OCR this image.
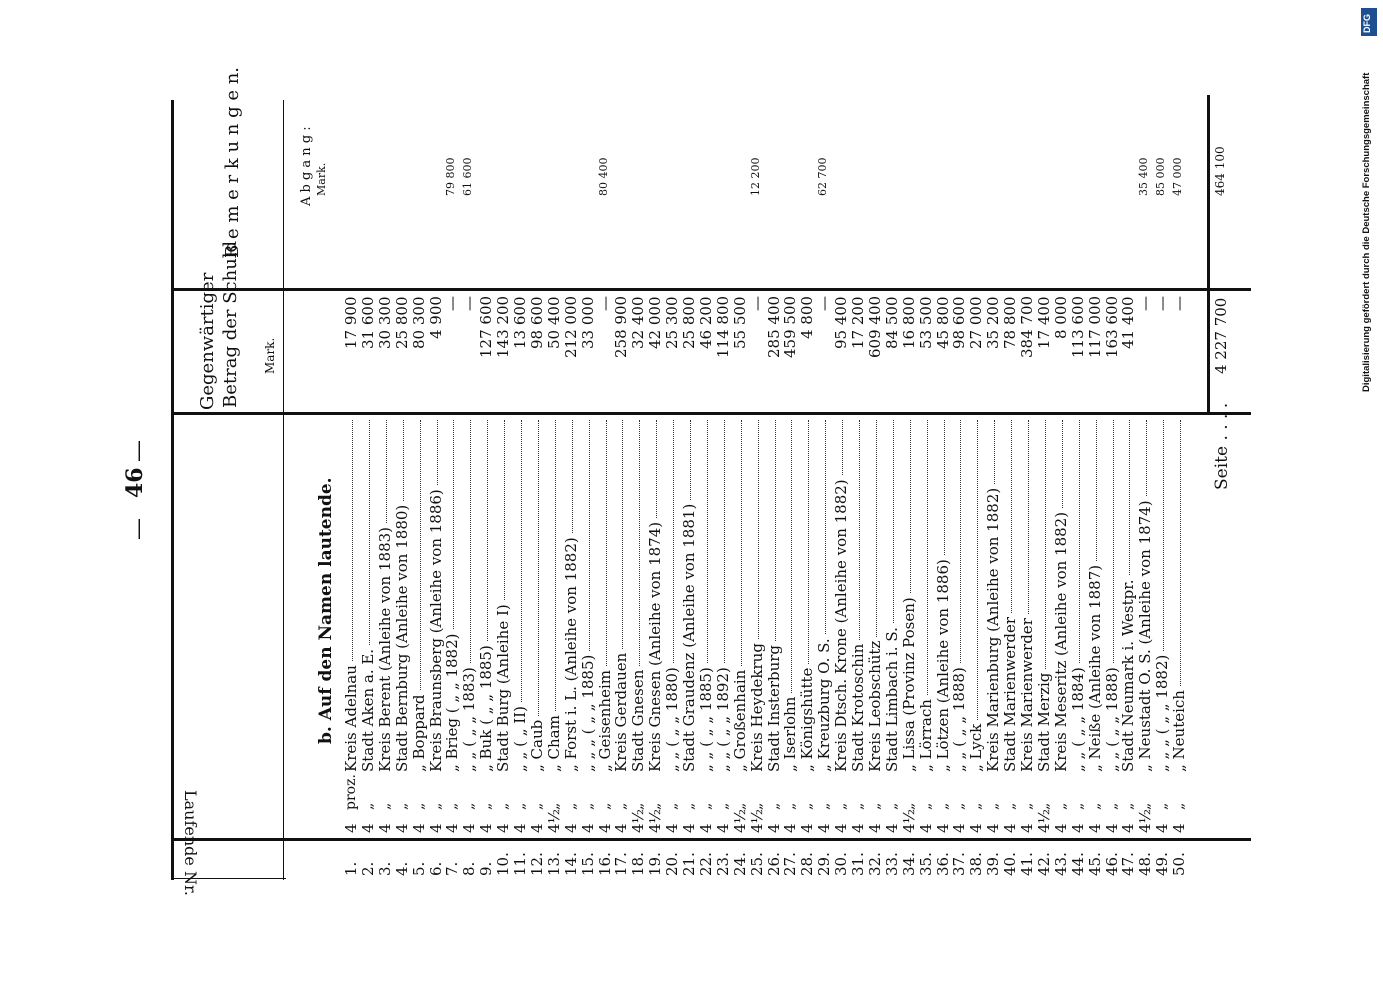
—
46
—
Laufende Nr.
Gegenwärtiger Betrag der Schuld Mark.
B e m e r k u n g e n.
b. Auf den Namen lautende.
A b g a n g : Mark.
1.
4
proz.
Kreis Adelnau
17 900
2.
4
„
Stadt Aken a. E.
31 600
3.
4
„
Kreis Berent (Anleihe von 1883)
30 300
4.
4
„
Stadt Bernburg (Anleihe von 1880)
25 800
5.
4
„
„ Boppard
80 300
6.
4
„
Kreis Braunsberg (Anleihe von 1886)
4 900
7.
4
„
„ Brieg ( „ „ 1882)
—
79 800
8.
4
„
„ „ ( „ „ 1883)
—
61 600
9.
4
„
„ Buk ( „ „ 1885)
127 600
10.
4
„
Stadt Burg (Anleihe I)
143 200
11.
4
„
„ „ ( „ II)
13 600
12.
4
„
„ Caub
98 600
13.
4½
„
„ Cham
50 400
14.
4
„
„ Forst i. L. (Anleihe von 1882)
212 000
15.
4
„
„ „ „ ( „ „ 1885)
33 000
16.
4
„
„ Geisenheim
—
80 400
17.
4
„
Kreis Gerdauen
258 900
18.
4½
„
Stadt Gnesen
32 400
19.
4½
„
Kreis Gnesen (Anleihe von 1874)
42 000
20.
4
„
„ „ ( „ „ 1880)
25 300
21.
4
„
Stadt Graudenz (Anleihe von 1881)
25 800
22.
4
„
„ „ ( „ „ 1885)
46 200
23.
4
„
„ „ ( „ „ 1892)
114 800
24.
4½
„
„ Großenhain
55 500
25.
4½
„
Kreis Heydekrug
—
12 200
26.
4
„
Stadt Insterburg
285 400
27.
4
„
„ Iserlohn
459 500
28.
4
„
„ Königshütte
4 800
29.
4
„
„ Kreuzburg O. S.
—
62 700
30.
4
„
Kreis Dtsch. Krone (Anleihe von 1882)
95 400
31.
4
„
Stadt Krotoschin
17 200
32.
4
„
Kreis Leobschütz
609 400
33.
4
„
Stadt Limbach i. S.
84 500
34.
4½
„
„ Lissa (Provinz Posen)
16 800
35.
4
„
„ Lörrach
53 500
36.
4
„
„ Lötzen (Anleihe von 1886)
45 800
37.
4
„
„ „ ( „ „ 1888)
98 600
38.
4
„
„ Lyck
27 000
39.
4
„
Kreis Marienburg (Anleihe von 1882)
35 200
40.
4
„
Stadt Marienwerder
78 800
41.
4
„
Kreis Marienwerder
384 700
42.
4½
„
Stadt Merzig
17 400
43.
4
„
Kreis Meseritz (Anleihe von 1882)
8 000
44.
4
„
„ „ ( „ „ 1884)
113 600
45.
4
„
„ Neiße (Anleihe von 1887)
117 000
46.
4
„
„ „ ( „ „ 1888)
163 600
47.
4
„
Stadt Neumark i. Westpr.
41 400
48.
4½
„
„ Neustadt O. S. (Anleihe von 1874)
—
35 400
49.
4
„
„ „ „ ( „ „ 1882)
—
85 000
50.
4
„
„ Neuteich
—
47 000
Seite . . . .
4 227 700
464 100	Digitalisierung gefördert durch die Deutsche Forschungsgemeinschaft
DFG
